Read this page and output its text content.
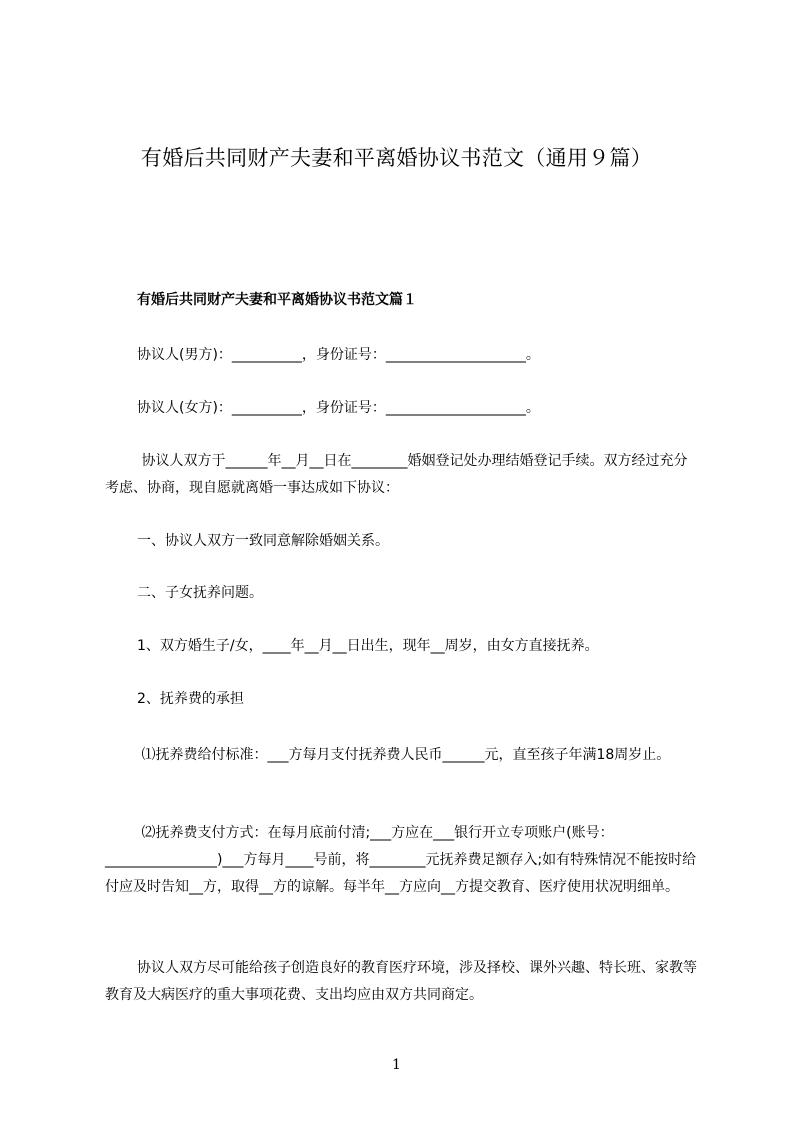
有婚后共同财产夫妻和平离婚协议书范文（通用９篇）
有婚后共同财产夫妻和平离婚协议书范文篇１
协议人(男方)：__________，身份证号：____________________。
协议人(女方)：__________，身份证号：____________________。
协议人双方于______年__月__日在________婚姻登记处办理结婚登记手续。双方经过充分考虑、协商，现自愿就离婚一事达成如下协议：
一、协议人双方一致同意解除婚姻关系。
二、子女抚养问题。
1、双方婚生子/女，____年__月__日出生，现年__周岁，由女方直接抚养。
2、抚养费的承担
⑴抚养费给付标准：___方每月支付抚养费人民币______元，直至孩子年满18周岁止。
⑵抚养费支付方式：在每月底前付清;___方应在___银行开立专项账户(账号：________________)___方每月____号前，将________元抚养费足额存入;如有特殊情况不能按时给付应及时告知__方，取得__方的谅解。每半年__方应向__方提交教育、医疗使用状况明细单。
协议人双方尽可能给孩子创造良好的教育医疗环境，涉及择校、课外兴趣、特长班、家教等教育及大病医疗的重大事项花费、支出均应由双方共同商定。
1
